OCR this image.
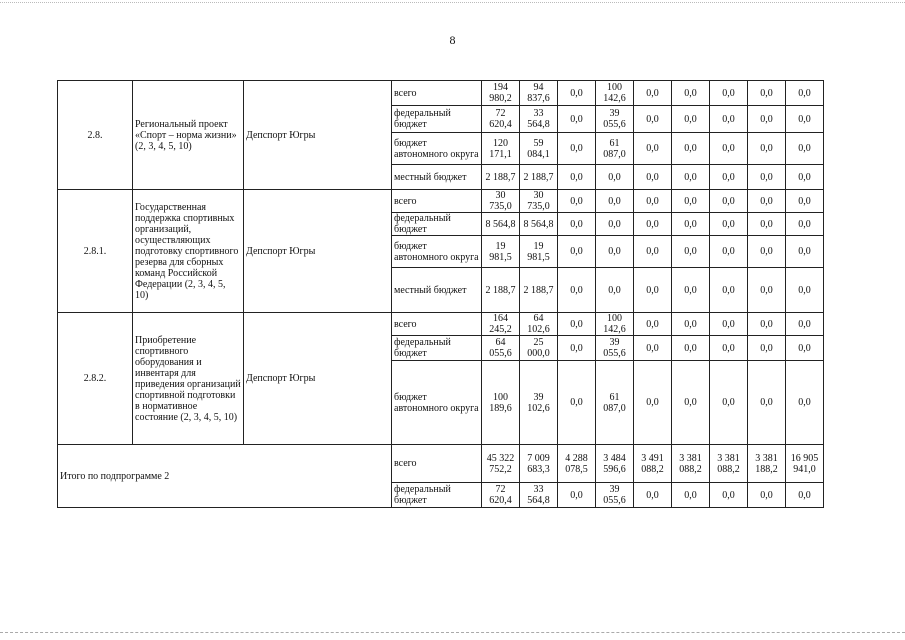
8
2.8.	Региональный проект «Спорт – норма жизни» (2, 3, 4, 5, 10)	Депспорт Югры	всего	194 980,2	94 837,6	0,0	100 142,6	0,0	0,0	0,0	0,0	0,0
			федеральный бюджет	72 620,4	33 564,8	0,0	39 055,6	0,0	0,0	0,0	0,0	0,0
			бюджет автономного округа	120 171,1	59 084,1	0,0	61 087,0	0,0	0,0	0,0	0,0	0,0
			местный бюджет	2 188,7	2 188,7	0,0	0,0	0,0	0,0	0,0	0,0	0,0
2.8.1.	Государственная поддержка спортивных организаций, осуществляющих подготовку спортивного резерва для сборных команд Российской Федерации (2, 3, 4, 5, 10)	Депспорт Югры	всего	30 735,0	30 735,0	0,0	0,0	0,0	0,0	0,0	0,0	0,0
			федеральный бюджет	8 564,8	8 564,8	0,0	0,0	0,0	0,0	0,0	0,0	0,0
			бюджет автономного округа	19 981,5	19 981,5	0,0	0,0	0,0	0,0	0,0	0,0	0,0
			местный бюджет	2 188,7	2 188,7	0,0	0,0	0,0	0,0	0,0	0,0	0,0
2.8.2.	Приобретение спортивного оборудования и инвентаря для приведения организаций спортивной подготовки в нормативное состояние (2, 3, 4, 5, 10)	Депспорт Югры	всего	164 245,2	64 102,6	0,0	100 142,6	0,0	0,0	0,0	0,0	0,0
			федеральный бюджет	64 055,6	25 000,0	0,0	39 055,6	0,0	0,0	0,0	0,0	0,0
			бюджет автономного округа	100 189,6	39 102,6	0,0	61 087,0	0,0	0,0	0,0	0,0	0,0
Итого по подпрограмме 2			всего	45 322 752,2	7 009 683,3	4 288 078,5	3 484 596,6	3 491 088,2	3 381 088,2	3 381 088,2	3 381 188,2	16 905 941,0
			федеральный бюджет	72 620,4	33 564,8	0,0	39 055,6	0,0	0,0	0,0	0,0	0,0
